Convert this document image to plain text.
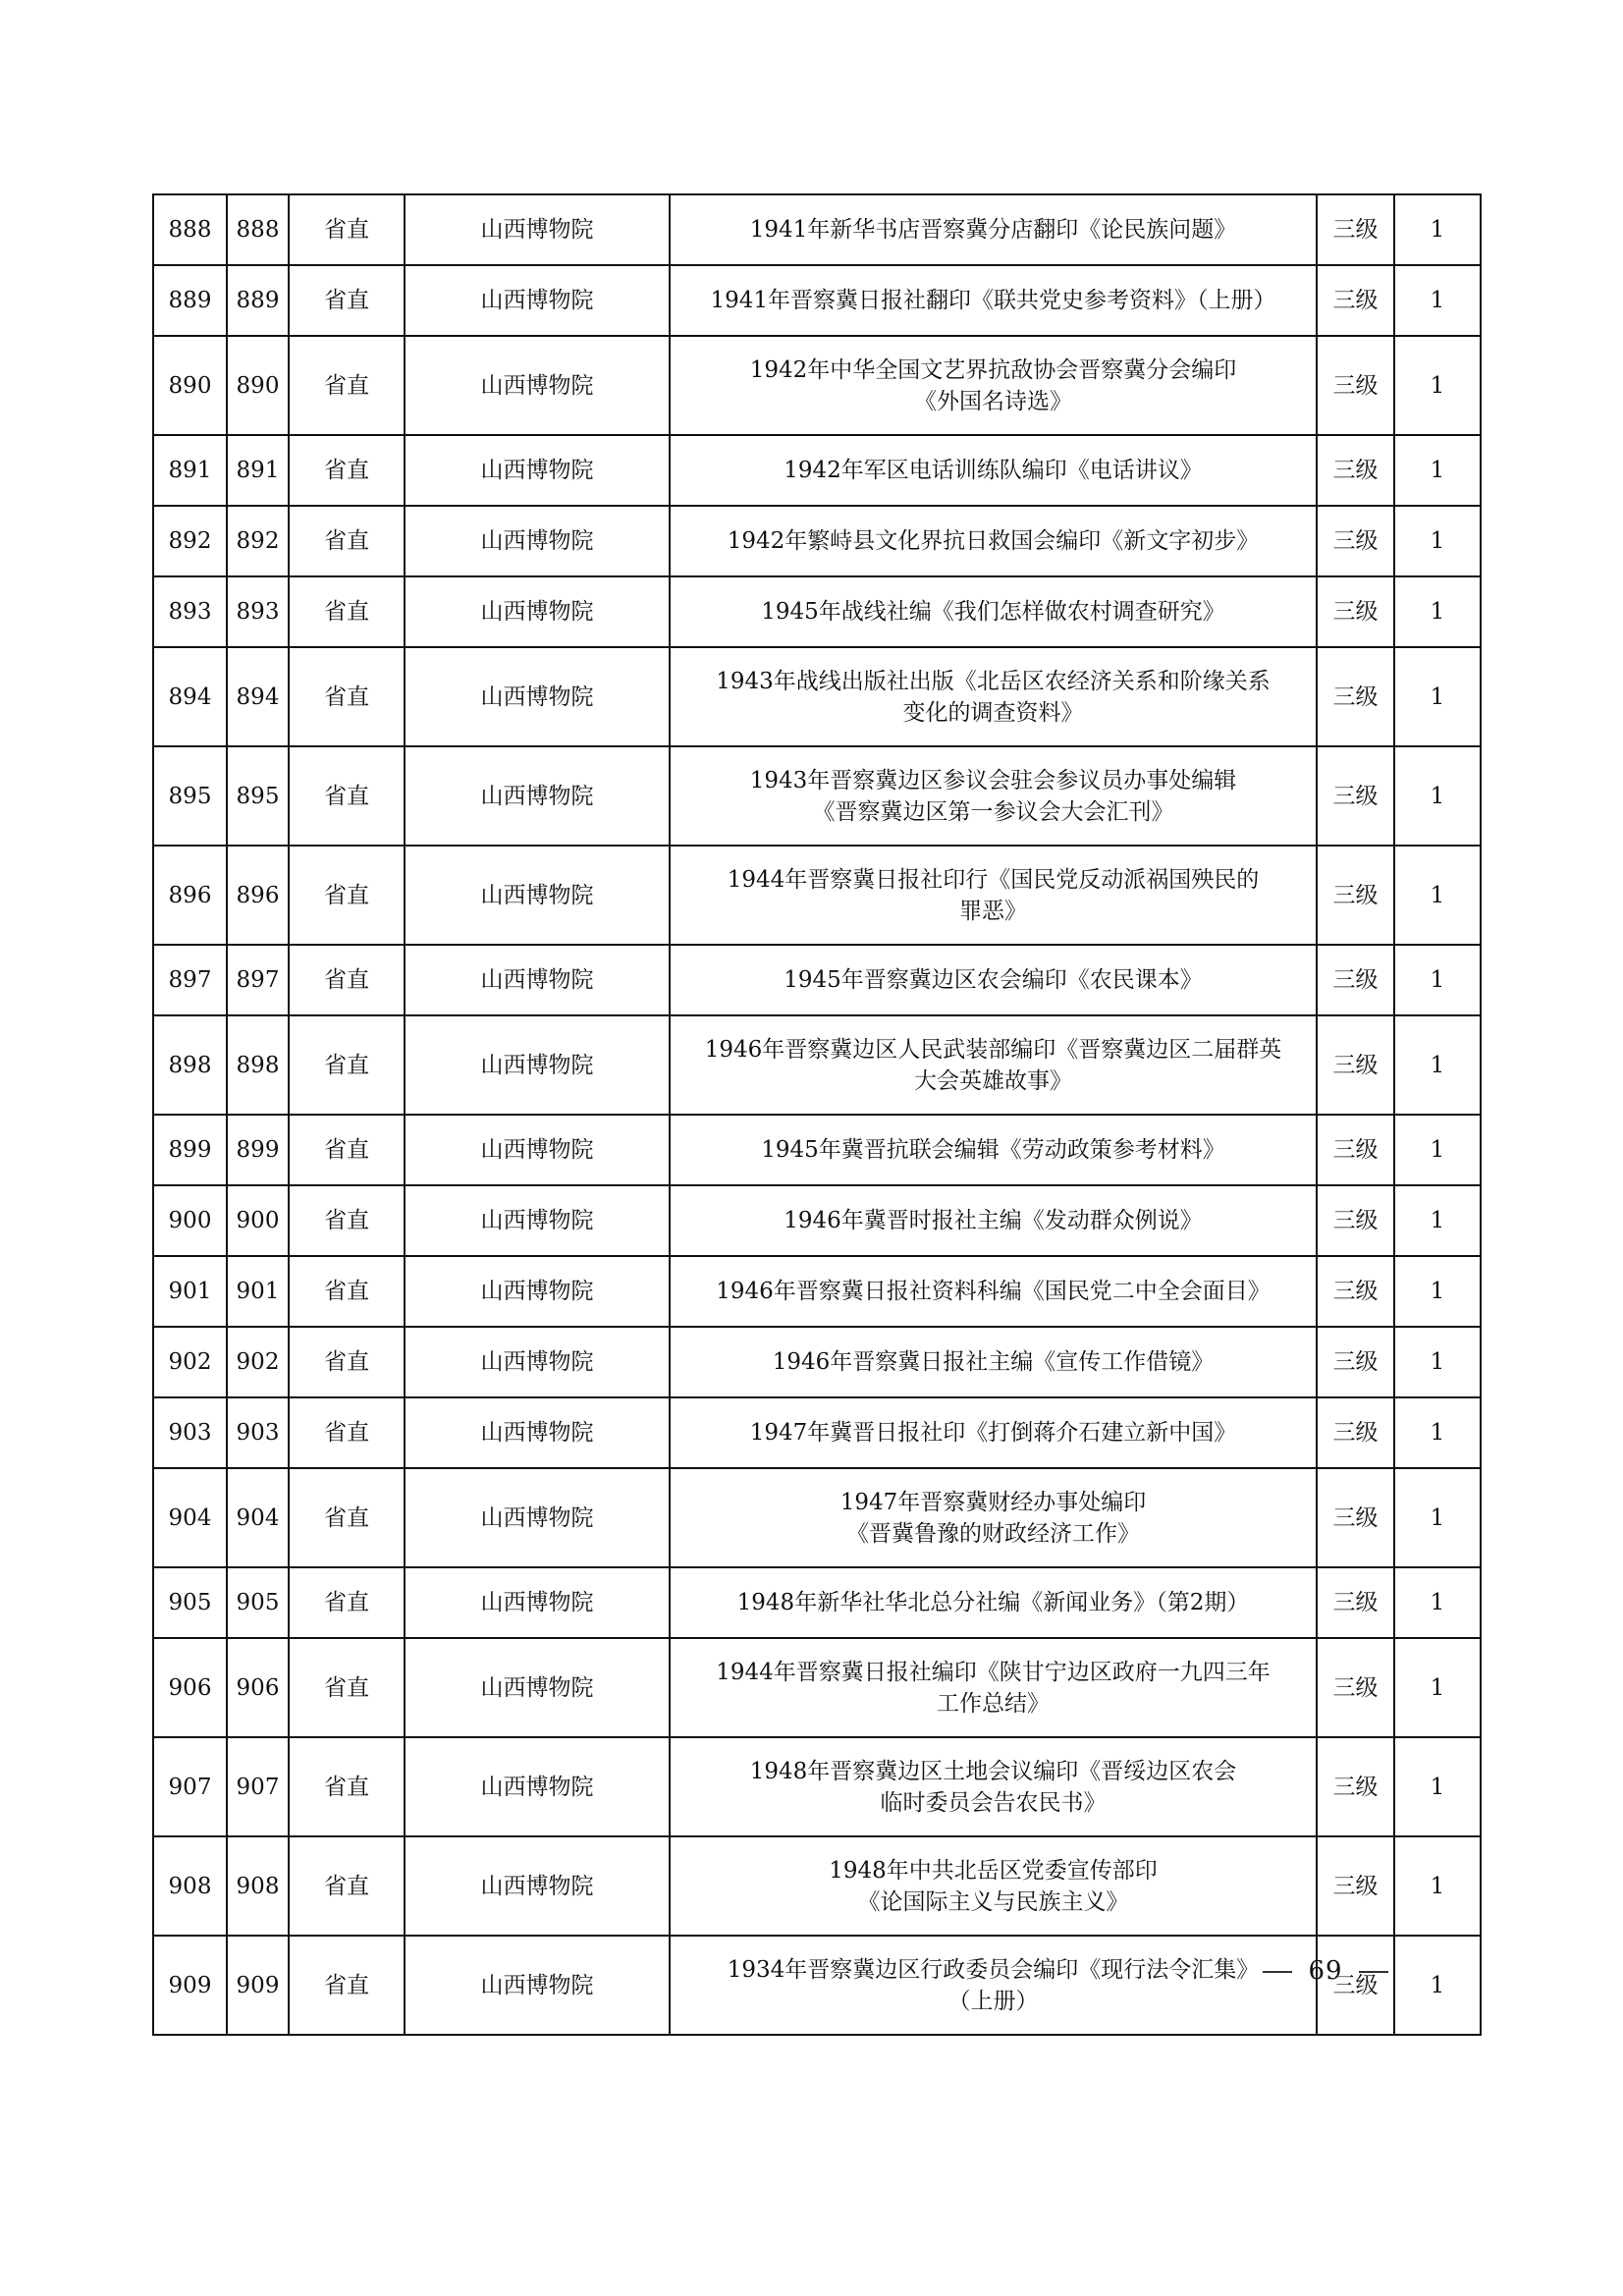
888	888	省直	山西博物院	1941年新华书店晋察冀分店翻印《论民族问题》	三级	1
889	889	省直	山西博物院	1941年晋察冀日报社翻印《联共党史参考资料》（上册）	三级	1
890	890	省直	山西博物院	1942年中华全国文艺界抗敌协会晋察冀分会编印
《外国名诗选》	三级	1
891	891	省直	山西博物院	1942年军区电话训练队编印《电话讲议》	三级	1
892	892	省直	山西博物院	1942年繁峙县文化界抗日救国会编印《新文字初步》	三级	1
893	893	省直	山西博物院	1945年战线社编《我们怎样做农村调查研究》	三级	1
894	894	省直	山西博物院	1943年战线出版社出版《北岳区农经济关系和阶缘关系
变化的调查资料》	三级	1
895	895	省直	山西博物院	1943年晋察冀边区参议会驻会参议员办事处编辑
《晋察冀边区第一参议会大会汇刊》	三级	1
896	896	省直	山西博物院	1944年晋察冀日报社印行《国民党反动派祸国殃民的
罪恶》	三级	1
897	897	省直	山西博物院	1945年晋察冀边区农会编印《农民课本》	三级	1
898	898	省直	山西博物院	1946年晋察冀边区人民武装部编印《晋察冀边区二届群英
大会英雄故事》	三级	1
899	899	省直	山西博物院	1945年冀晋抗联会编辑《劳动政策参考材料》	三级	1
900	900	省直	山西博物院	1946年冀晋时报社主编《发动群众例说》	三级	1
901	901	省直	山西博物院	1946年晋察冀日报社资料科编《国民党二中全会面目》	三级	1
902	902	省直	山西博物院	1946年晋察冀日报社主编《宣传工作借镜》	三级	1
903	903	省直	山西博物院	1947年冀晋日报社印《打倒蒋介石建立新中国》	三级	1
904	904	省直	山西博物院	1947年晋察冀财经办事处编印
《晋冀鲁豫的财政经济工作》	三级	1
905	905	省直	山西博物院	1948年新华社华北总分社编《新闻业务》（第2期）	三级	1
906	906	省直	山西博物院	1944年晋察冀日报社编印《陕甘宁边区政府一九四三年
工作总结》	三级	1
907	907	省直	山西博物院	1948年晋察冀边区土地会议编印《晋绥边区农会
临时委员会告农民书》	三级	1
908	908	省直	山西博物院	1948年中共北岳区党委宣传部印
《论国际主义与民族主义》	三级	1
909	909	省直	山西博物院	1934年晋察冀边区行政委员会编印《现行法令汇集》
（上册）	三级	1
69
